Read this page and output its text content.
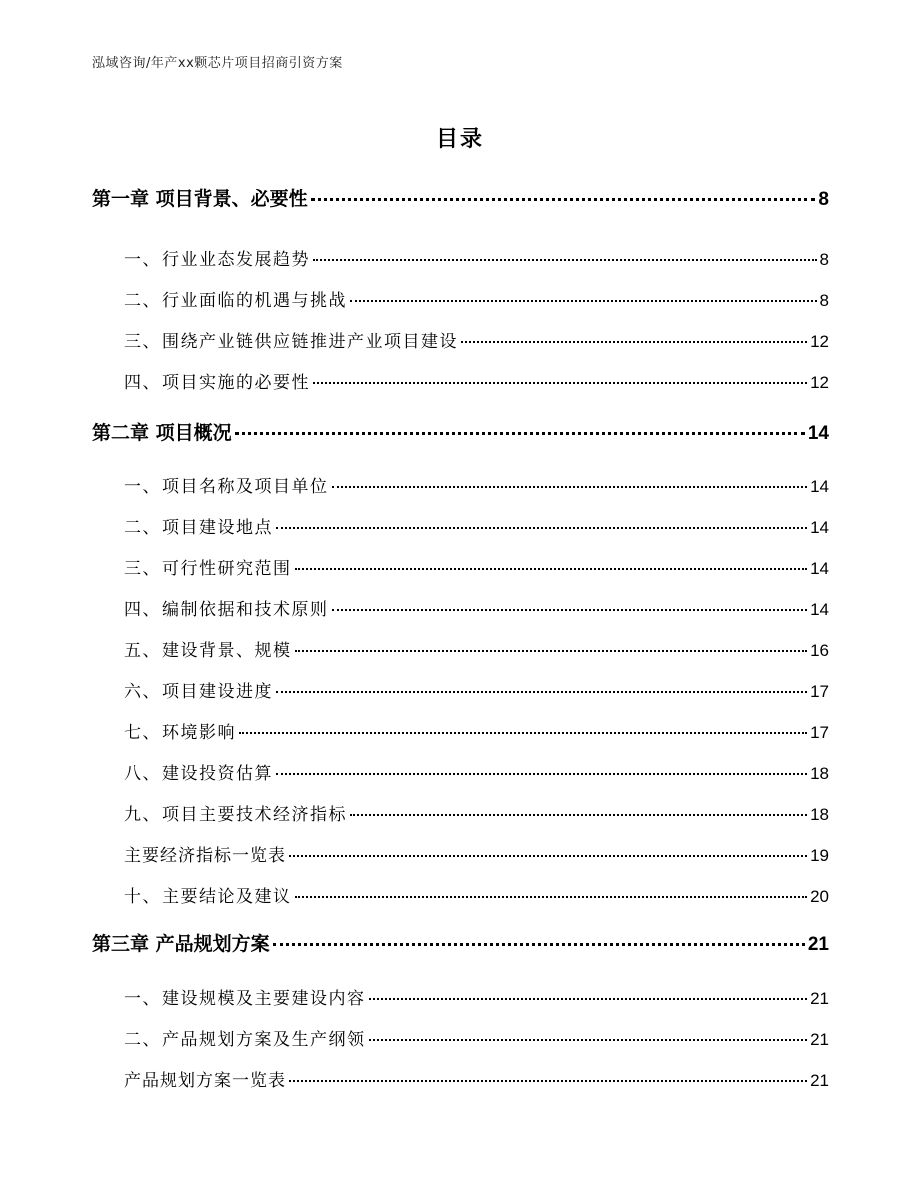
泓域咨询/年产xx颗芯片项目招商引资方案
目录
第一章 项目背景、必要性	8
一、行业业态发展趋势	8
二、行业面临的机遇与挑战	8
三、围绕产业链供应链推进产业项目建设	12
四、项目实施的必要性	12
第二章 项目概况	14
一、项目名称及项目单位	14
二、项目建设地点	14
三、可行性研究范围	14
四、编制依据和技术原则	14
五、建设背景、规模	16
六、项目建设进度	17
七、环境影响	17
八、建设投资估算	18
九、项目主要技术经济指标	18
主要经济指标一览表	19
十、主要结论及建议	20
第三章 产品规划方案	21
一、建设规模及主要建设内容	21
二、产品规划方案及生产纲领	21
产品规划方案一览表	21
